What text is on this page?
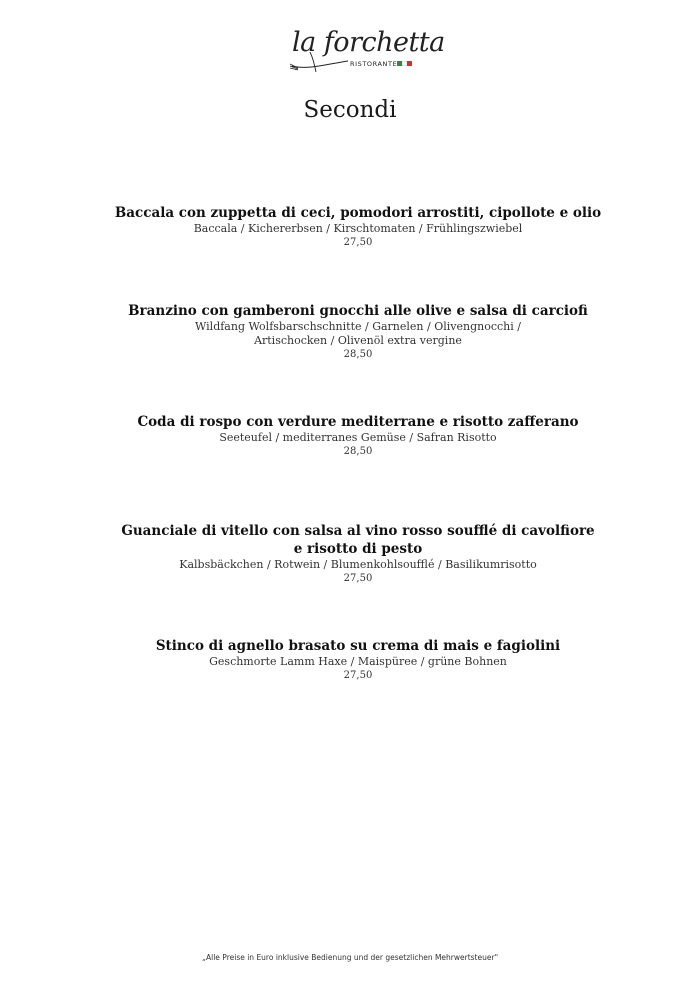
la forchetta
RISTORANTE
Secondi

Baccala con zuppetta di ceci, pomodori arrostiti, cipollote e olio

Baccala / Kichererbsen / Kirschtomaten / Frühlingszwiebel

27,50

Branzino con gamberoni gnocchi alle olive e salsa di carciofi

Wildfang Wolfsbarschschnitte / Garnelen / Olivengnocchi /

Artischocken / Olivenöl extra vergine

28,50

Coda di rospo con verdure mediterrane e risotto zafferano

Seeteufel / mediterranes Gemüse / Safran Risotto

28,50

Guanciale di vitello con salsa al vino rosso soufflé di cavolfiore

e risotto di pesto

Kalbsbäckchen / Rotwein / Blumenkohlsoufflé / Basilikumrisotto

27,50

Stinco di agnello brasato su crema di mais e fagiolini

Geschmorte Lamm Haxe / Maispüree / grüne Bohnen

27,50

„Alle Preise in Euro inklusive Bedienung und der gesetzlichen Mehrwertsteuer"
